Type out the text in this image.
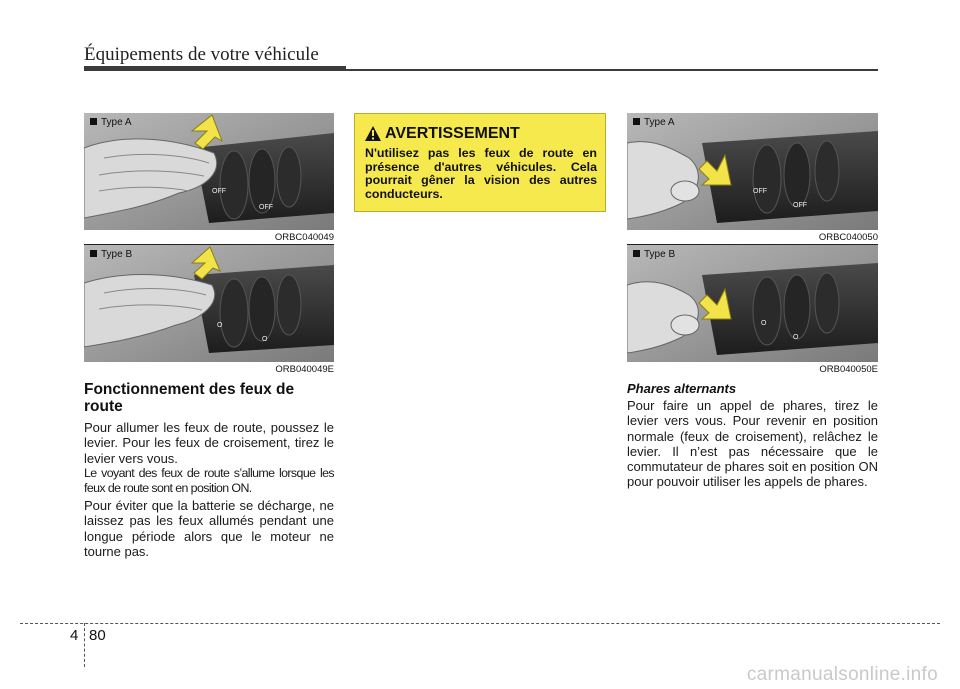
Équipements de votre véhicule
OFF
OFF
Type A
ORBC040049
O
O
Type B
ORB040049E
Fonctionnement des feux de route
Pour allumer les feux de route, poussez le levier. Pour les feux de croisement, tirez le levier vers vous.
Le voyant des feux de route s’allume lorsque les feux de route sont en position ON.
Pour éviter que la batterie se décharge, ne laissez pas les feux allumés pendant une longue période alors que le moteur ne tourne pas.
AVERTISSEMENT
N'utilisez pas les feux de route en présence d'autres véhicules. Cela pourrait gêner la vision des autres conducteurs.	OFF
OFF
Type A
ORBC040050
O
O
Type B
ORB040050E
Phares alternants
Pour faire un appel de phares, tirez le levier vers vous. Pour revenir en position normale (feux de croisement), relâchez le levier. Il n’est pas nécessaire que le commutateur de phares soit en position ON pour pouvoir utiliser les appels de phares.
4 80
carmanualsonline.info
